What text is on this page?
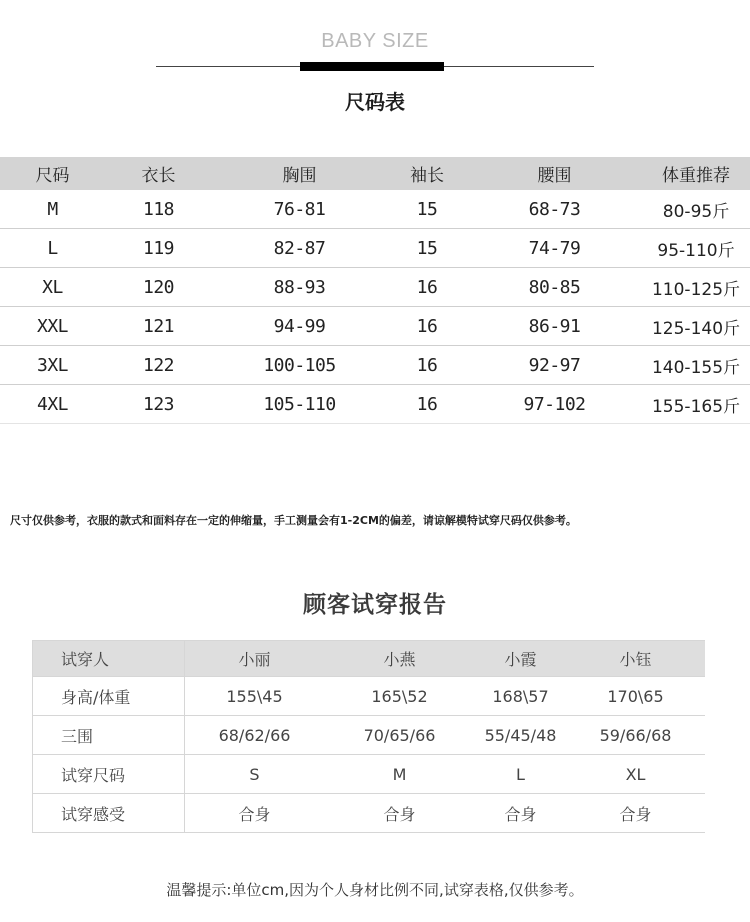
BABY SIZE
尺码表
尺码	衣长	胸围	袖长	腰围	体重推荐
M	118	76-81	15	68-73	80-95斤
L	119	82-87	15	74-79	95-110斤
XL	120	88-93	16	80-85	110-125斤
XXL	121	94-99	16	86-91	125-140斤
3XL	122	100-105	16	92-97	140-155斤
4XL	123	105-110	16	97-102	155-165斤
尺寸仅供参考，衣服的款式和面料存在一定的伸缩量，手工测量会有1-2CM的偏差，请谅解模特试穿尺码仅供参考。
顾客试穿报告
试穿人	小丽	小燕	小霞	小钰
身高/体重	155\45	165\52	168\57	170\65
三围	68/62/66	70/65/66	55/45/48	59/66/68
试穿尺码	S	M	L	XL
试穿感受	合身	合身	合身	合身
温馨提示:单位cm,因为个人身材比例不同,试穿表格,仅供参考。
